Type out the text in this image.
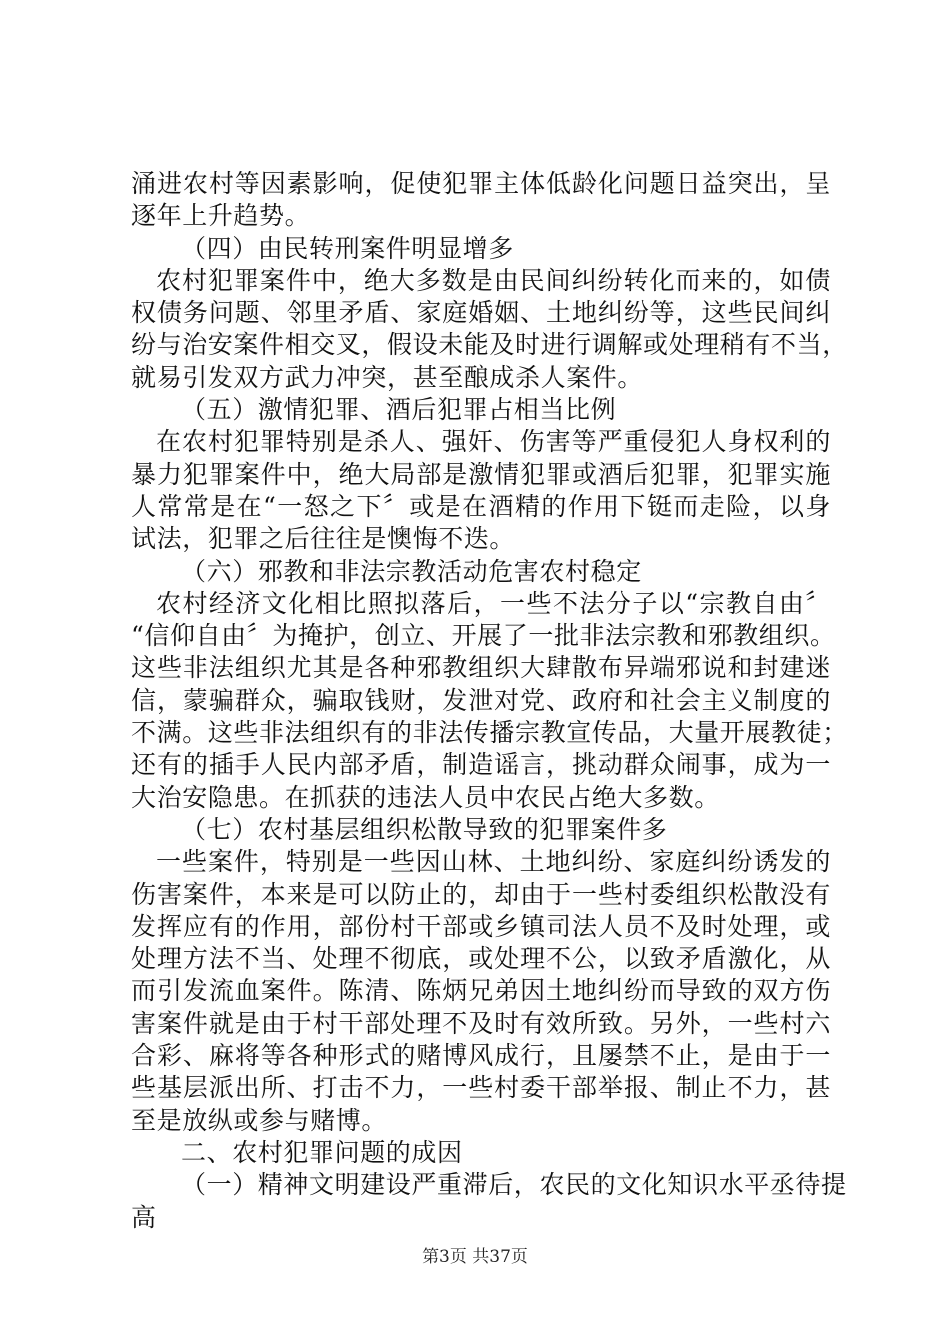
涌进农村等因素影响，促使犯罪主体低龄化问题日益突出，呈
逐年上升趋势。
（四）由民转刑案件明显增多
农村犯罪案件中，绝大多数是由民间纠纷转化而来的，如债
权债务问题、邻里矛盾、家庭婚姻、土地纠纷等，这些民间纠
纷与治安案件相交叉，假设未能及时进行调解或处理稍有不当，
就易引发双方武力冲突，甚至酿成杀人案件。
（五）激情犯罪、酒后犯罪占相当比例
在农村犯罪特别是杀人、强奸、伤害等严重侵犯人身权利的
暴力犯罪案件中，绝大局部是激情犯罪或酒后犯罪，犯罪实施
人常常是在“一怒之下〞或是在酒精的作用下铤而走险，以身
试法，犯罪之后往往是懊悔不迭。
（六）邪教和非法宗教活动危害农村稳定
农村经济文化相比照拟落后，一些不法分子以“宗教自由〞
“信仰自由〞为掩护，创立、开展了一批非法宗教和邪教组织。
这些非法组织尤其是各种邪教组织大肆散布异端邪说和封建迷
信，蒙骗群众，骗取钱财，发泄对党、政府和社会主义制度的
不满。这些非法组织有的非法传播宗教宣传品，大量开展教徒；
还有的插手人民内部矛盾，制造谣言，挑动群众闹事，成为一
大治安隐患。在抓获的违法人员中农民占绝大多数。
（七）农村基层组织松散导致的犯罪案件多
一些案件，特别是一些因山林、土地纠纷、家庭纠纷诱发的
伤害案件，本来是可以防止的，却由于一些村委组织松散没有
发挥应有的作用，部份村干部或乡镇司法人员不及时处理，或
处理方法不当、处理不彻底，或处理不公，以致矛盾激化，从
而引发流血案件。陈清、陈炳兄弟因土地纠纷而导致的双方伤
害案件就是由于村干部处理不及时有效所致。另外，一些村六
合彩、麻将等各种形式的赌博风成行，且屡禁不止，是由于一
些基层派出所、打击不力，一些村委干部举报、制止不力，甚
至是放纵或参与赌博。
二、农村犯罪问题的成因
（一）精神文明建设严重滞后，农民的文化知识水平丞待提
高
第3页 共37页
